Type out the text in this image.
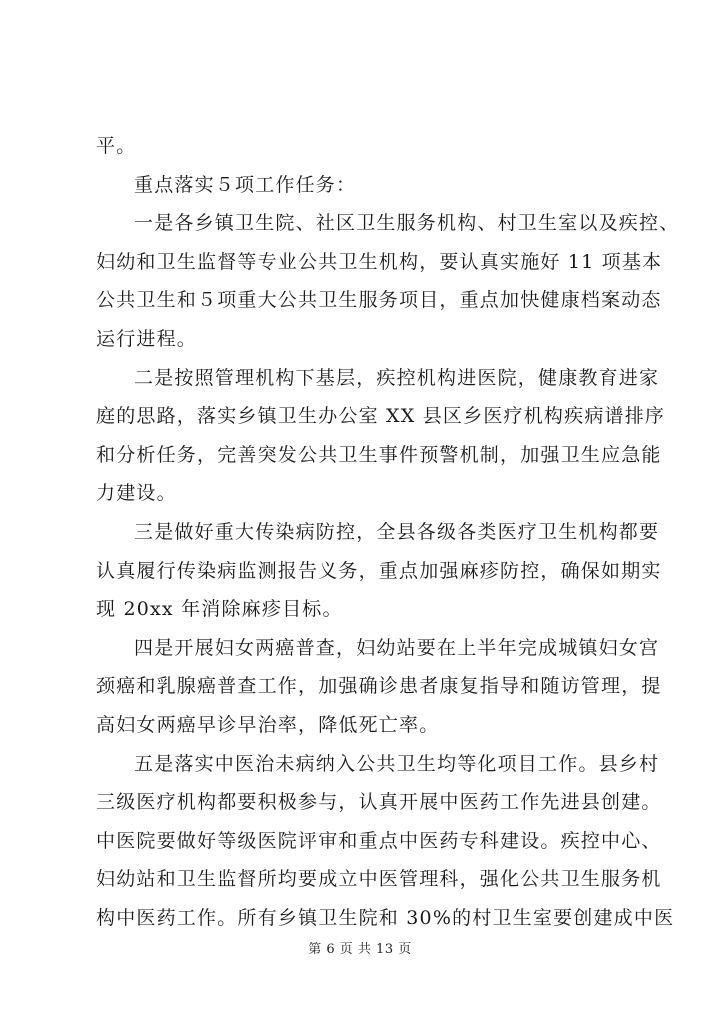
平。
重点落实５项工作任务：
一是各乡镇卫生院、社区卫生服务机构、村卫生室以及疾控、
妇幼和卫生监督等专业公共卫生机构，要认真实施好 11 项基本
公共卫生和５项重大公共卫生服务项目，重点加快健康档案动态
运行进程。
二是按照管理机构下基层，疾控机构进医院，健康教育进家
庭的思路，落实乡镇卫生办公室 XX 县区乡医疗机构疾病谱排序
和分析任务，完善突发公共卫生事件预警机制，加强卫生应急能
力建设。
三是做好重大传染病防控，全县各级各类医疗卫生机构都要
认真履行传染病监测报告义务，重点加强麻疹防控，确保如期实
现 20xx 年消除麻疹目标。
四是开展妇女两癌普查，妇幼站要在上半年完成城镇妇女宫
颈癌和乳腺癌普查工作，加强确诊患者康复指导和随访管理，提
高妇女两癌早诊早治率，降低死亡率。
五是落实中医治未病纳入公共卫生均等化项目工作。县乡村
三级医疗机构都要积极参与，认真开展中医药工作先进县创建。
中医院要做好等级医院评审和重点中医药专科建设。疾控中心、
妇幼站和卫生监督所均要成立中医管理科，强化公共卫生服务机
构中医药工作。所有乡镇卫生院和 30%的村卫生室要创建成中医
第 6 页 共 13 页
